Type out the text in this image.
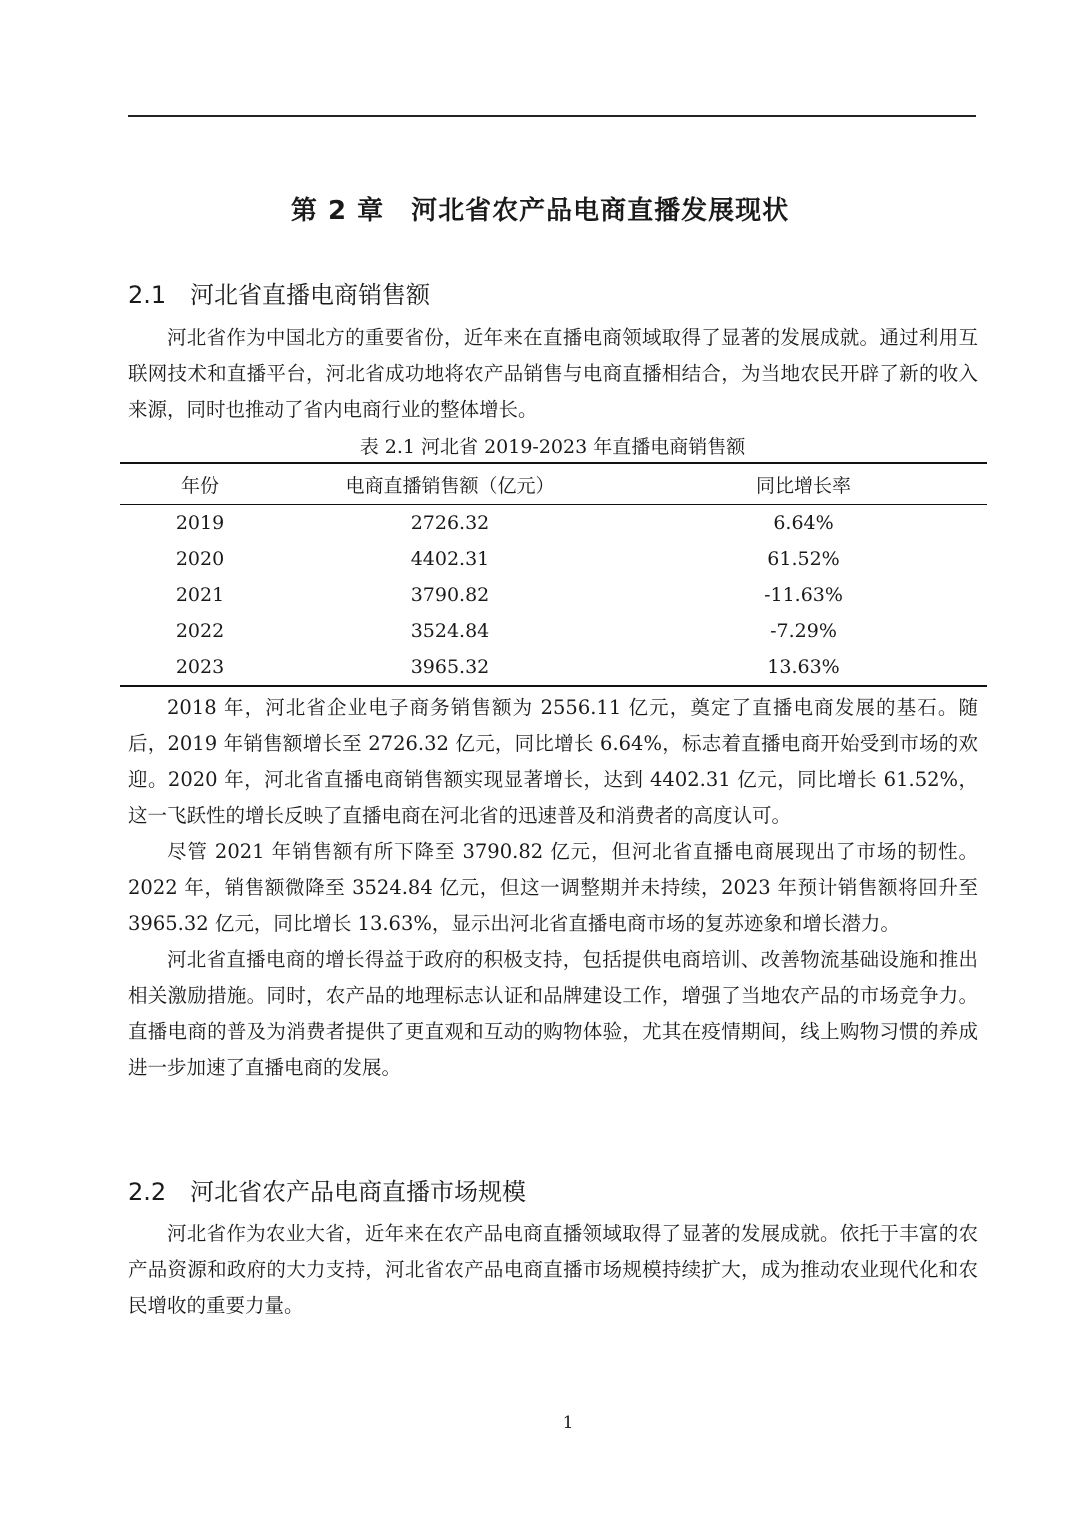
第 2 章　河北省农产品电商直播发展现状
2.1 河北省直播电商销售额

河北省作为中国北方的重要省份，近年来在直播电商领域取得了显著的发展成就。通过利用互联网技术和直播平台，河北省成功地将农产品销售与电商直播相结合，为当地农民开辟了新的收入来源，同时也推动了省内电商行业的整体增长。

表 2.1 河北省 2019-2023 年直播电商销售额

年份	电商直播销售额（亿元）	同比增长率
2019	2726.32	6.64%
2020	4402.31	61.52%
2021	3790.82	-11.63%
2022	3524.84	-7.29%
2023	3965.32	13.63%

2018 年，河北省企业电子商务销售额为 2556.11 亿元，奠定了直播电商发展的基石。随后，2019 年销售额增长至 2726.32 亿元，同比增长 6.64%，标志着直播电商开始受到市场的欢迎。2020 年，河北省直播电商销售额实现显著增长，达到 4402.31 亿元，同比增长 61.52%，这一飞跃性的增长反映了直播电商在河北省的迅速普及和消费者的高度认可。

尽管 2021 年销售额有所下降至 3790.82 亿元，但河北省直播电商展现出了市场的韧性。2022 年，销售额微降至 3524.84 亿元，但这一调整期并未持续，2023 年预计销售额将回升至 3965.32 亿元，同比增长 13.63%，显示出河北省直播电商市场的复苏迹象和增长潜力。

河北省直播电商的增长得益于政府的积极支持，包括提供电商培训、改善物流基础设施和推出相关激励措施。同时，农产品的地理标志认证和品牌建设工作，增强了当地农产品的市场竞争力。直播电商的普及为消费者提供了更直观和互动的购物体验，尤其在疫情期间，线上购物习惯的养成进一步加速了直播电商的发展。

2.2 河北省农产品电商直播市场规模

河北省作为农业大省，近年来在农产品电商直播领域取得了显著的发展成就。依托于丰富的农产品资源和政府的大力支持，河北省农产品电商直播市场规模持续扩大，成为推动农业现代化和农民增收的重要力量。

1
